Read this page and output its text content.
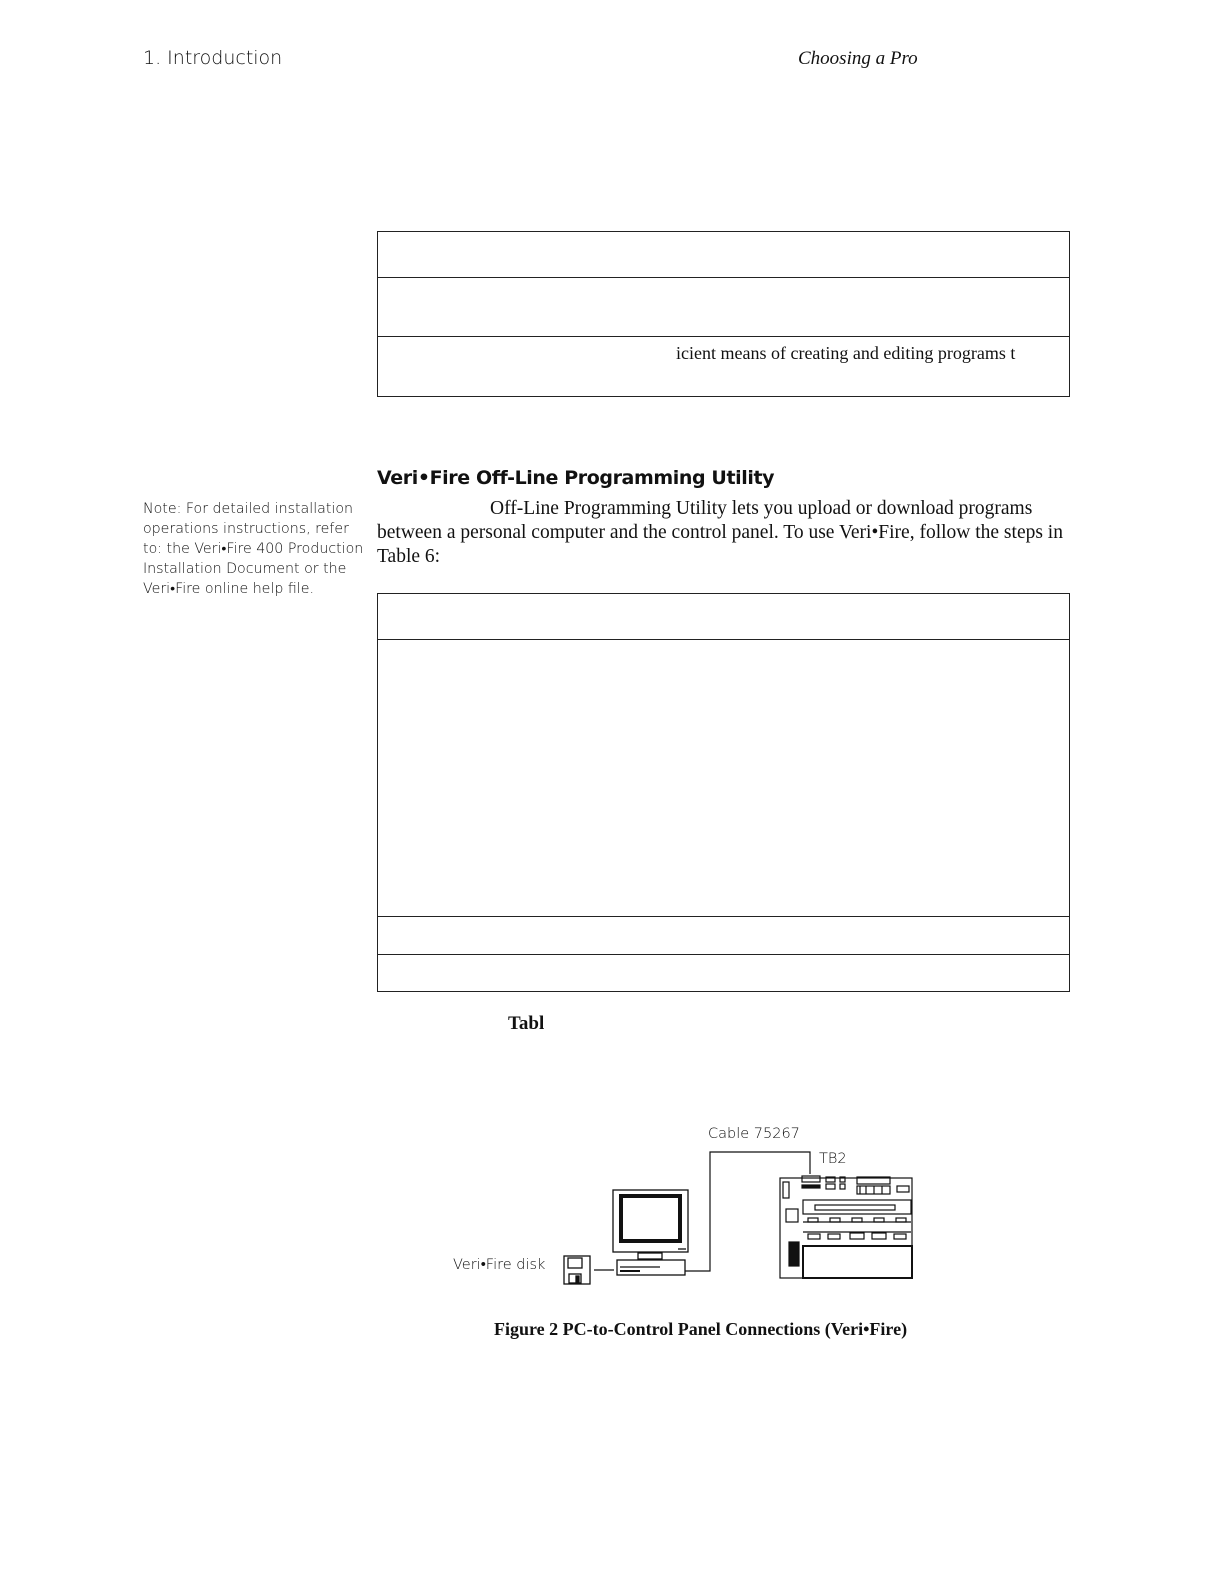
1. Introduction	Choosing a Pro
icient means of creating and editing programs t
Veri•Fire Off-Line Programming Utility
Note: For detailed installation operations instructions, refer to: the Veri•Fire 400 Production Installation Document or the Veri•Fire online help file.
Off-Line Programming Utility lets you upload or download programs
between a personal computer and the control panel. To use Veri•Fire, follow the steps in
Table 6:
Tabl
Cable 75267
TB2
Veri•Fire disk
Figure 2 PC-to-Control Panel Connections (Veri•Fire)
